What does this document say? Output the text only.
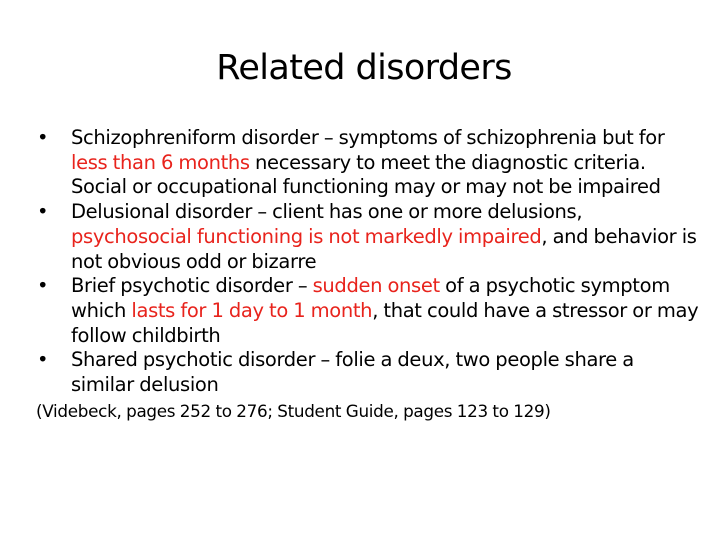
Related disorders
• Schizophreniform disorder – symptoms of schizophrenia but for less than 6 months necessary to meet the diagnostic criteria. Social or occupational functioning may or may not be impaired
• Delusional disorder – client has one or more delusions, psychosocial functioning is not markedly impaired, and behavior is not obvious odd or bizarre
• Brief psychotic disorder – sudden onset of a psychotic symptom which lasts for 1 day to 1 month, that could have a stressor or may follow childbirth
• Shared psychotic disorder – folie a deux, two people share a similar delusion
(Videbeck, pages 252 to 276; Student Guide, pages 123 to 129)
